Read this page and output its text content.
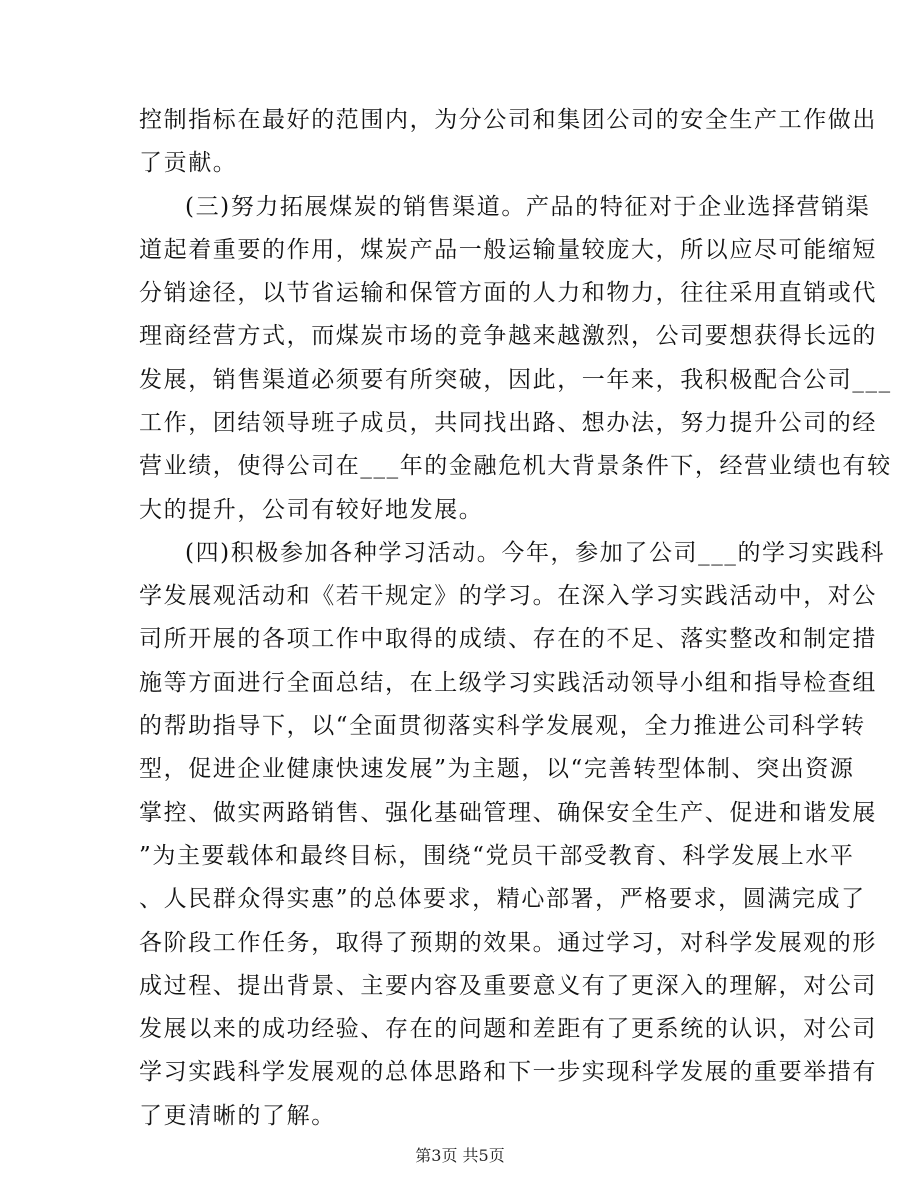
控制指标在最好的范围内，为分公司和集团公司的安全生产工作做出
了贡献。
(三)努力拓展煤炭的销售渠道。产品的特征对于企业选择营销渠
道起着重要的作用，煤炭产品一般运输量较庞大，所以应尽可能缩短
分销途径，以节省运输和保管方面的人力和物力，往往采用直销或代
理商经营方式，而煤炭市场的竞争越来越激烈，公司要想获得长远的
发展，销售渠道必须要有所突破，因此，一年来，我积极配合公司___
工作，团结领导班子成员，共同找出路、想办法，努力提升公司的经
营业绩，使得公司在___年的金融危机大背景条件下，经营业绩也有较
大的提升，公司有较好地发展。
(四)积极参加各种学习活动。今年，参加了公司___的学习实践科
学发展观活动和《若干规定》的学习。在深入学习实践活动中，对公
司所开展的各项工作中取得的成绩、存在的不足、落实整改和制定措
施等方面进行全面总结，在上级学习实践活动领导小组和指导检查组
的帮助指导下，以“全面贯彻落实科学发展观，全力推进公司科学转
型，促进企业健康快速发展”为主题，以“完善转型体制、突出资源
掌控、做实两路销售、强化基础管理、确保安全生产、促进和谐发展
”为主要载体和最终目标，围绕“党员干部受教育、科学发展上水平
、人民群众得实惠”的总体要求，精心部署，严格要求，圆满完成了
各阶段工作任务，取得了预期的效果。通过学习，对科学发展观的形
成过程、提出背景、主要内容及重要意义有了更深入的理解，对公司
发展以来的成功经验、存在的问题和差距有了更系统的认识，对公司
学习实践科学发展观的总体思路和下一步实现科学发展的重要举措有
了更清晰的了解。
第3页 共5页
